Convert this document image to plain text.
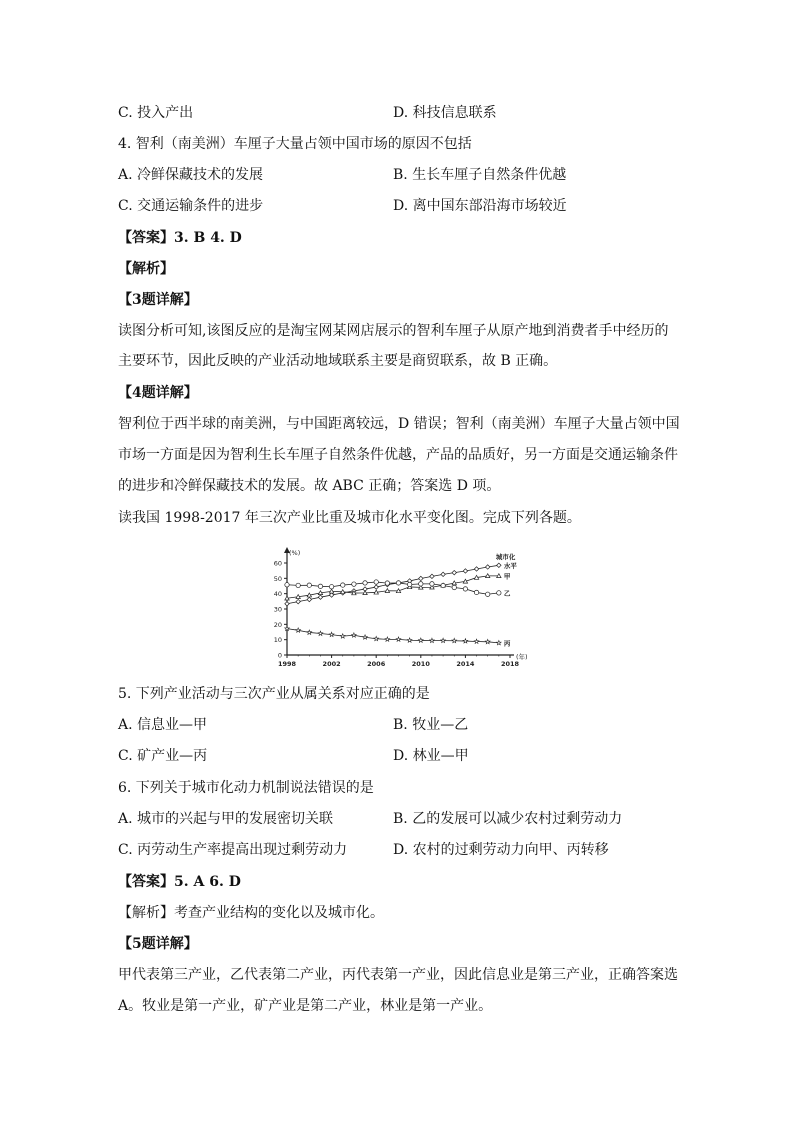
C. 投入产出	D. 科技信息联系
4. 智利（南美洲）车厘子大量占领中国市场的原因不包括
A. 冷鲜保藏技术的发展	B. 生长车厘子自然条件优越
C. 交通运输条件的进步	D. 离中国东部沿海市场较近
【答案】3. B 4. D
【解析】
【3题详解】
读图分析可知,该图反应的是淘宝网某网店展示的智利车厘子从原产地到消费者手中经历的
主要环节，因此反映的产业活动地域联系主要是商贸联系，故 B 正确。
【4题详解】
智利位于西半球的南美洲，与中国距离较远，D 错误；智利（南美洲）车厘子大量占领中国
市场一方面是因为智利生长车厘子自然条件优越，产品的品质好，另一方面是交通运输条件
的进步和冷鲜保藏技术的发展。故 ABC 正确；答案选 D 项。
读我国 1998-2017 年三次产业比重及城市化水平变化图。完成下列各题。
0
10
20
30
40
50
60
(%)
1998	2002	2006	2010	2014	2018
(年)
城市化
水平
甲
乙
丙
5. 下列产业活动与三次产业从属关系对应正确的是
A. 信息业—甲	B. 牧业—乙
C. 矿产业—丙	D. 林业—甲
6. 下列关于城市化动力机制说法错误的是
A. 城市的兴起与甲的发展密切关联	B. 乙的发展可以减少农村过剩劳动力
C. 丙劳动生产率提高出现过剩劳动力	D. 农村的过剩劳动力向甲、丙转移
【答案】5. A 6. D
【解析】考查产业结构的变化以及城市化。
【5题详解】
甲代表第三产业，乙代表第二产业，丙代表第一产业，因此信息业是第三产业，正确答案选
A。牧业是第一产业，矿产业是第二产业，林业是第一产业。
